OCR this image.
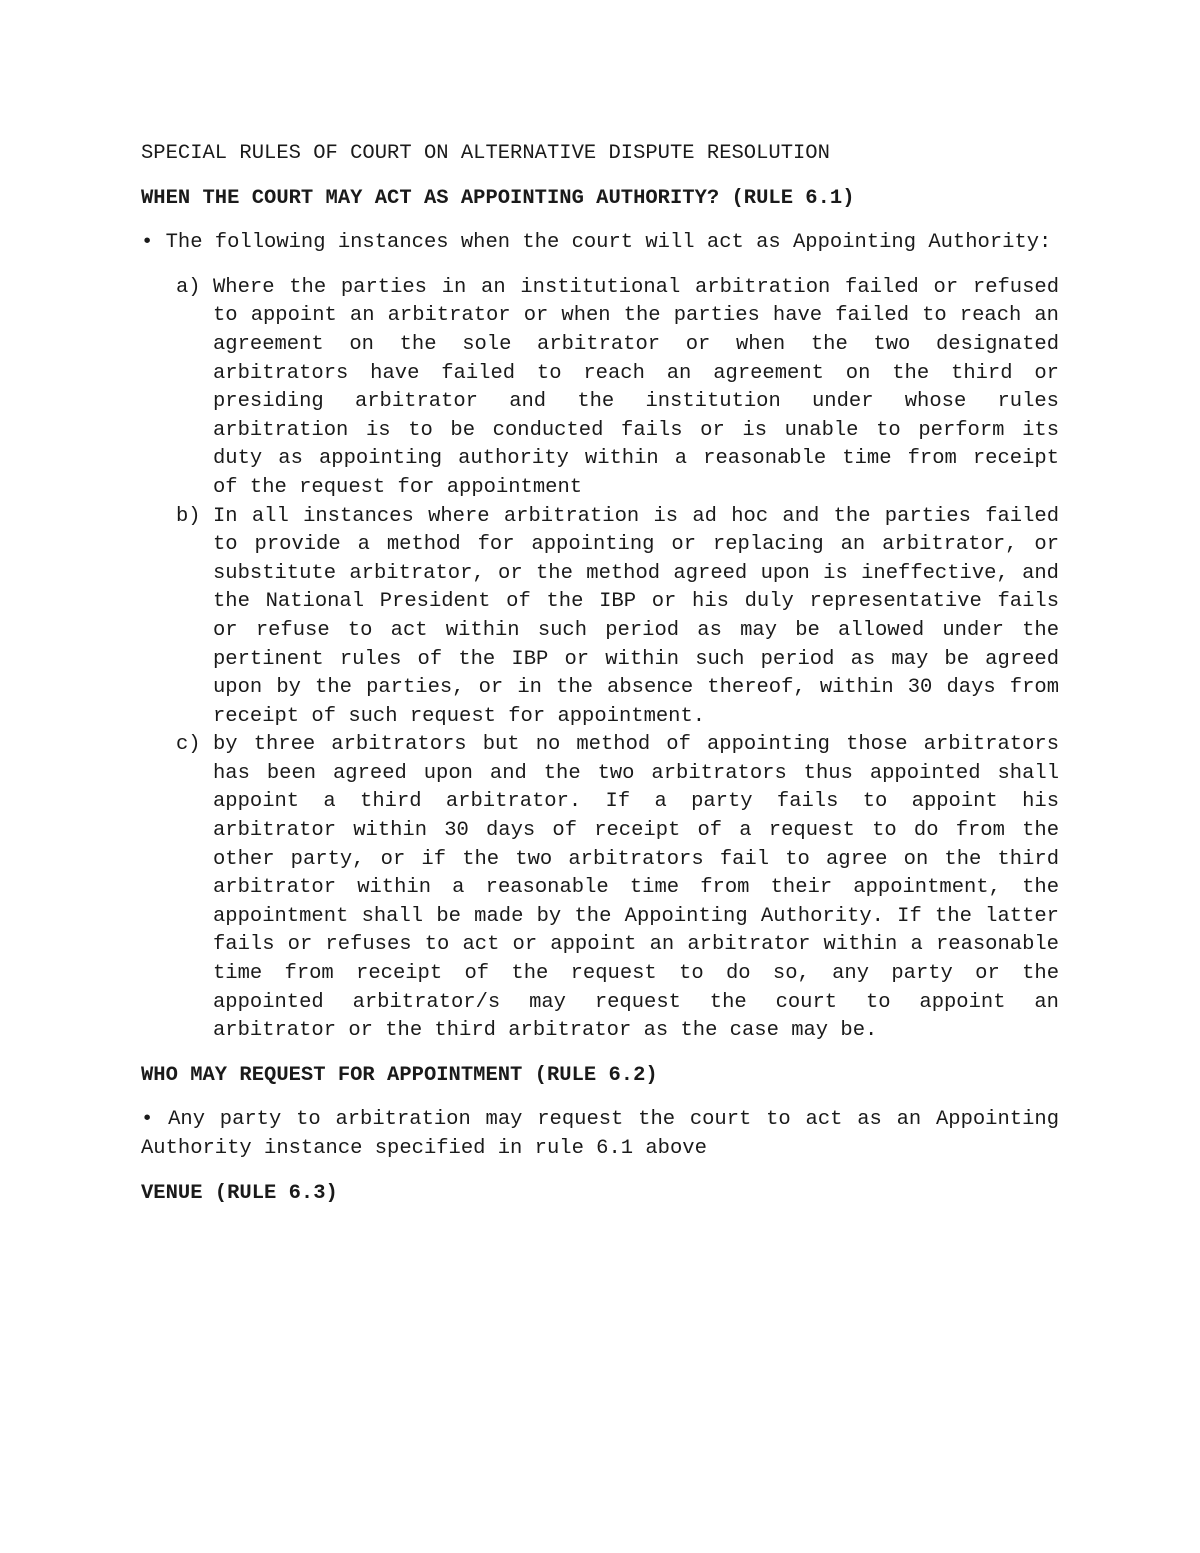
SPECIAL RULES OF COURT ON ALTERNATIVE DISPUTE RESOLUTION

WHEN THE COURT MAY ACT AS APPOINTING AUTHORITY? (RULE 6.1)

• The following instances when the court will act as Appointing Authority:

a) Where the parties in an institutional arbitration failed or refused to appoint an arbitrator or when the parties have failed to reach an agreement on the sole arbitrator or when the two designated arbitrators have failed to reach an agreement on the third or presiding arbitrator and the institution under whose rules arbitration is to be conducted fails or is unable to perform its duty as appointing authority within a reasonable time from receipt of the request for appointment
b) In all instances where arbitration is ad hoc and the parties failed to provide a method for appointing or replacing an arbitrator, or substitute arbitrator, or the method agreed upon is ineffective, and the National President of the IBP or his duly representative fails or refuse to act within such period as may be allowed under the pertinent rules of the IBP or within such period as may be agreed upon by the parties, or in the absence thereof, within 30 days from receipt of such request for appointment.
c) by three arbitrators but no method of appointing those arbitrators has been agreed upon and the two arbitrators thus appointed shall appoint a third arbitrator. If a party fails to appoint his arbitrator within 30 days of receipt of a request to do from the other party, or if the two arbitrators fail to agree on the third arbitrator within a reasonable time from their appointment, the appointment shall be made by the Appointing Authority. If the latter fails or refuses to act or appoint an arbitrator within a reasonable time from receipt of the request to do so, any party or the appointed arbitrator/s may request the court to appoint an arbitrator or the third arbitrator as the case may be.

WHO MAY REQUEST FOR APPOINTMENT (RULE 6.2)

• Any party to arbitration may request the court to act as an Appointing Authority instance specified in rule 6.1 above

VENUE (RULE 6.3)
